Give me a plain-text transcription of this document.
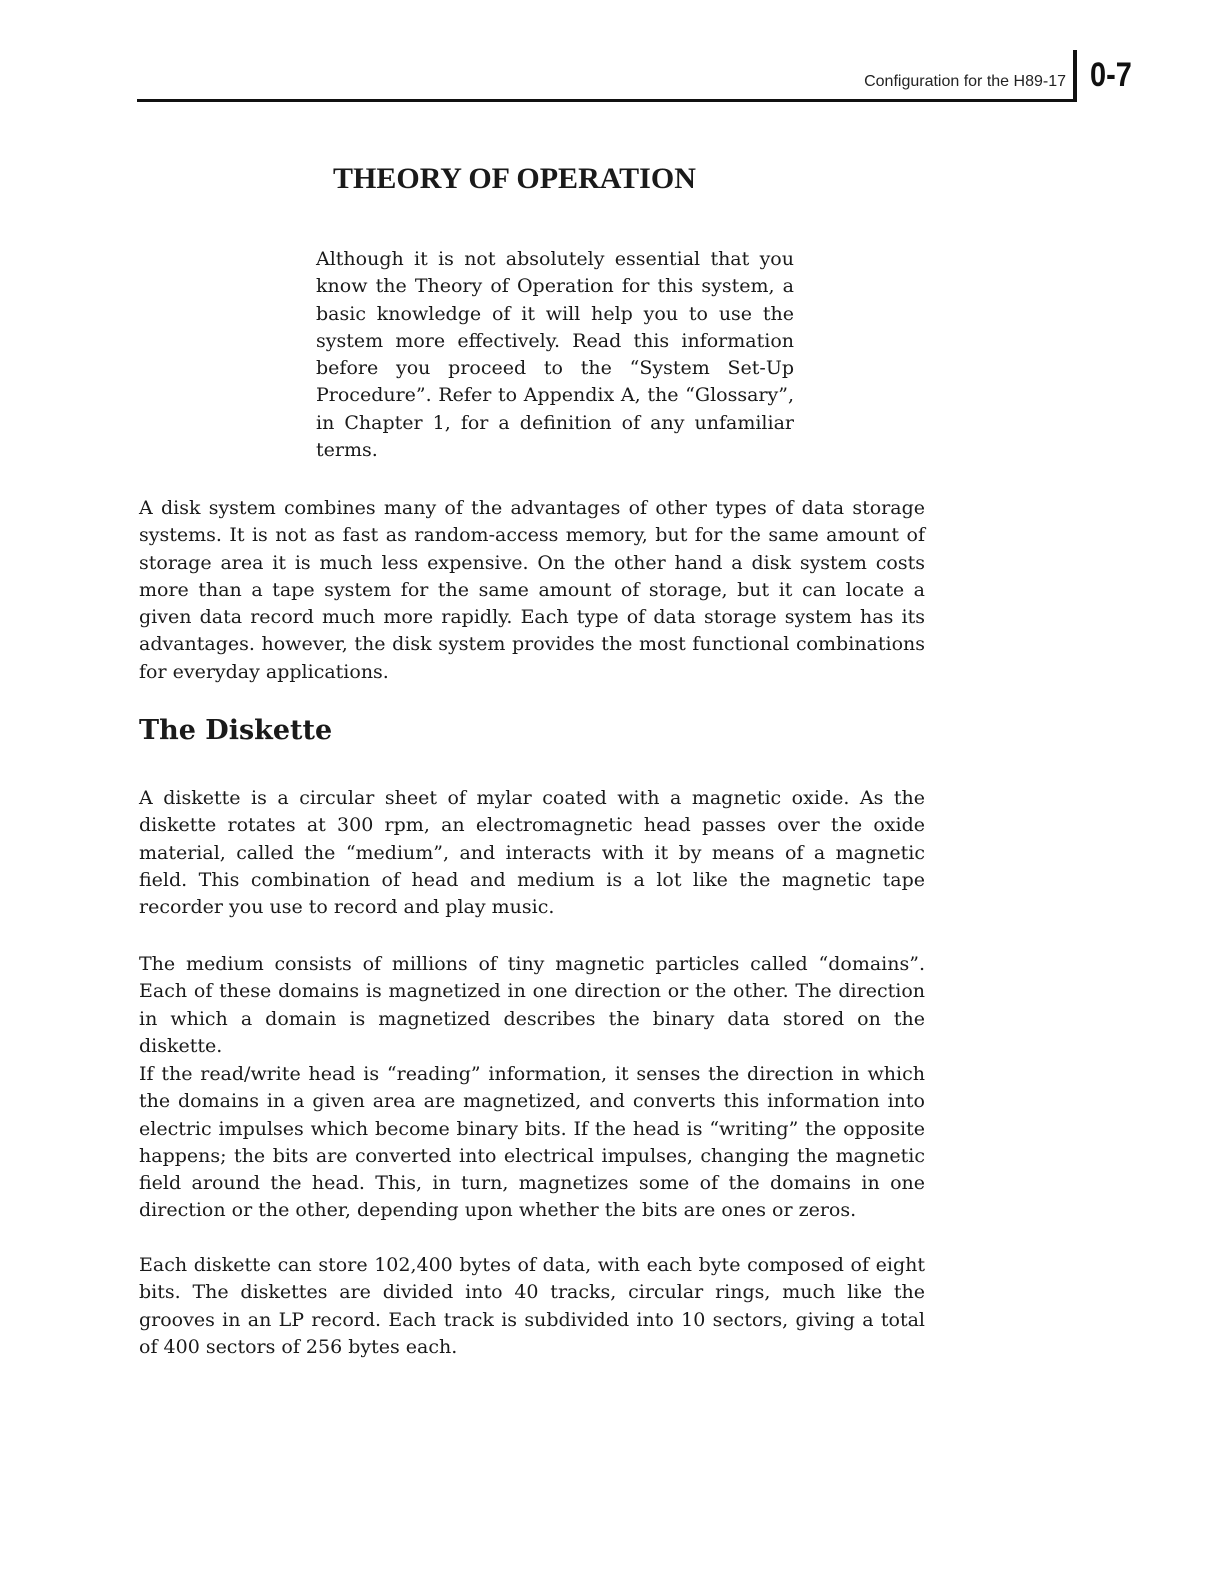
Configuration for the H89-17 0-7
THEORY OF OPERATION

Although it is not absolutely essential that you know the Theory of Operation for this system, a basic knowledge of it will help you to use the system more effectively. Read this information before you proceed to the “System Set-Up Procedure”. Refer to Appendix A, the “Glossary”, in Chapter 1, for a definition of any unfamiliar terms.

A disk system combines many of the advantages of other types of data storage systems. It is not as fast as random-access memory, but for the same amount of storage area it is much less expensive. On the other hand a disk system costs more than a tape system for the same amount of storage, but it can locate a given data record much more rapidly. Each type of data storage system has its advantages. however, the disk system provides the most functional combinations for everyday applications.

The Diskette

A diskette is a circular sheet of mylar coated with a magnetic oxide. As the diskette rotates at 300 rpm, an electromagnetic head passes over the oxide material, called the “medium”, and interacts with it by means of a magnetic field. This combination of head and medium is a lot like the magnetic tape recorder you use to record and play music.

The medium consists of millions of tiny magnetic particles called “domains”. Each of these domains is magnetized in one direction or the other. The direction in which a domain is magnetized describes the binary data stored on the diskette.

If the read/write head is “reading” information, it senses the direction in which the domains in a given area are magnetized, and converts this information into electric impulses which become binary bits. If the head is “writing” the opposite happens; the bits are converted into electrical impulses, changing the magnetic field around the head. This, in turn, magnetizes some of the domains in one direction or the other, depending upon whether the bits are ones or zeros.

Each diskette can store 102,400 bytes of data, with each byte composed of eight bits. The diskettes are divided into 40 tracks, circular rings, much like the grooves in an LP record. Each track is subdivided into 10 sectors, giving a total of 400 sectors of 256 bytes each.
